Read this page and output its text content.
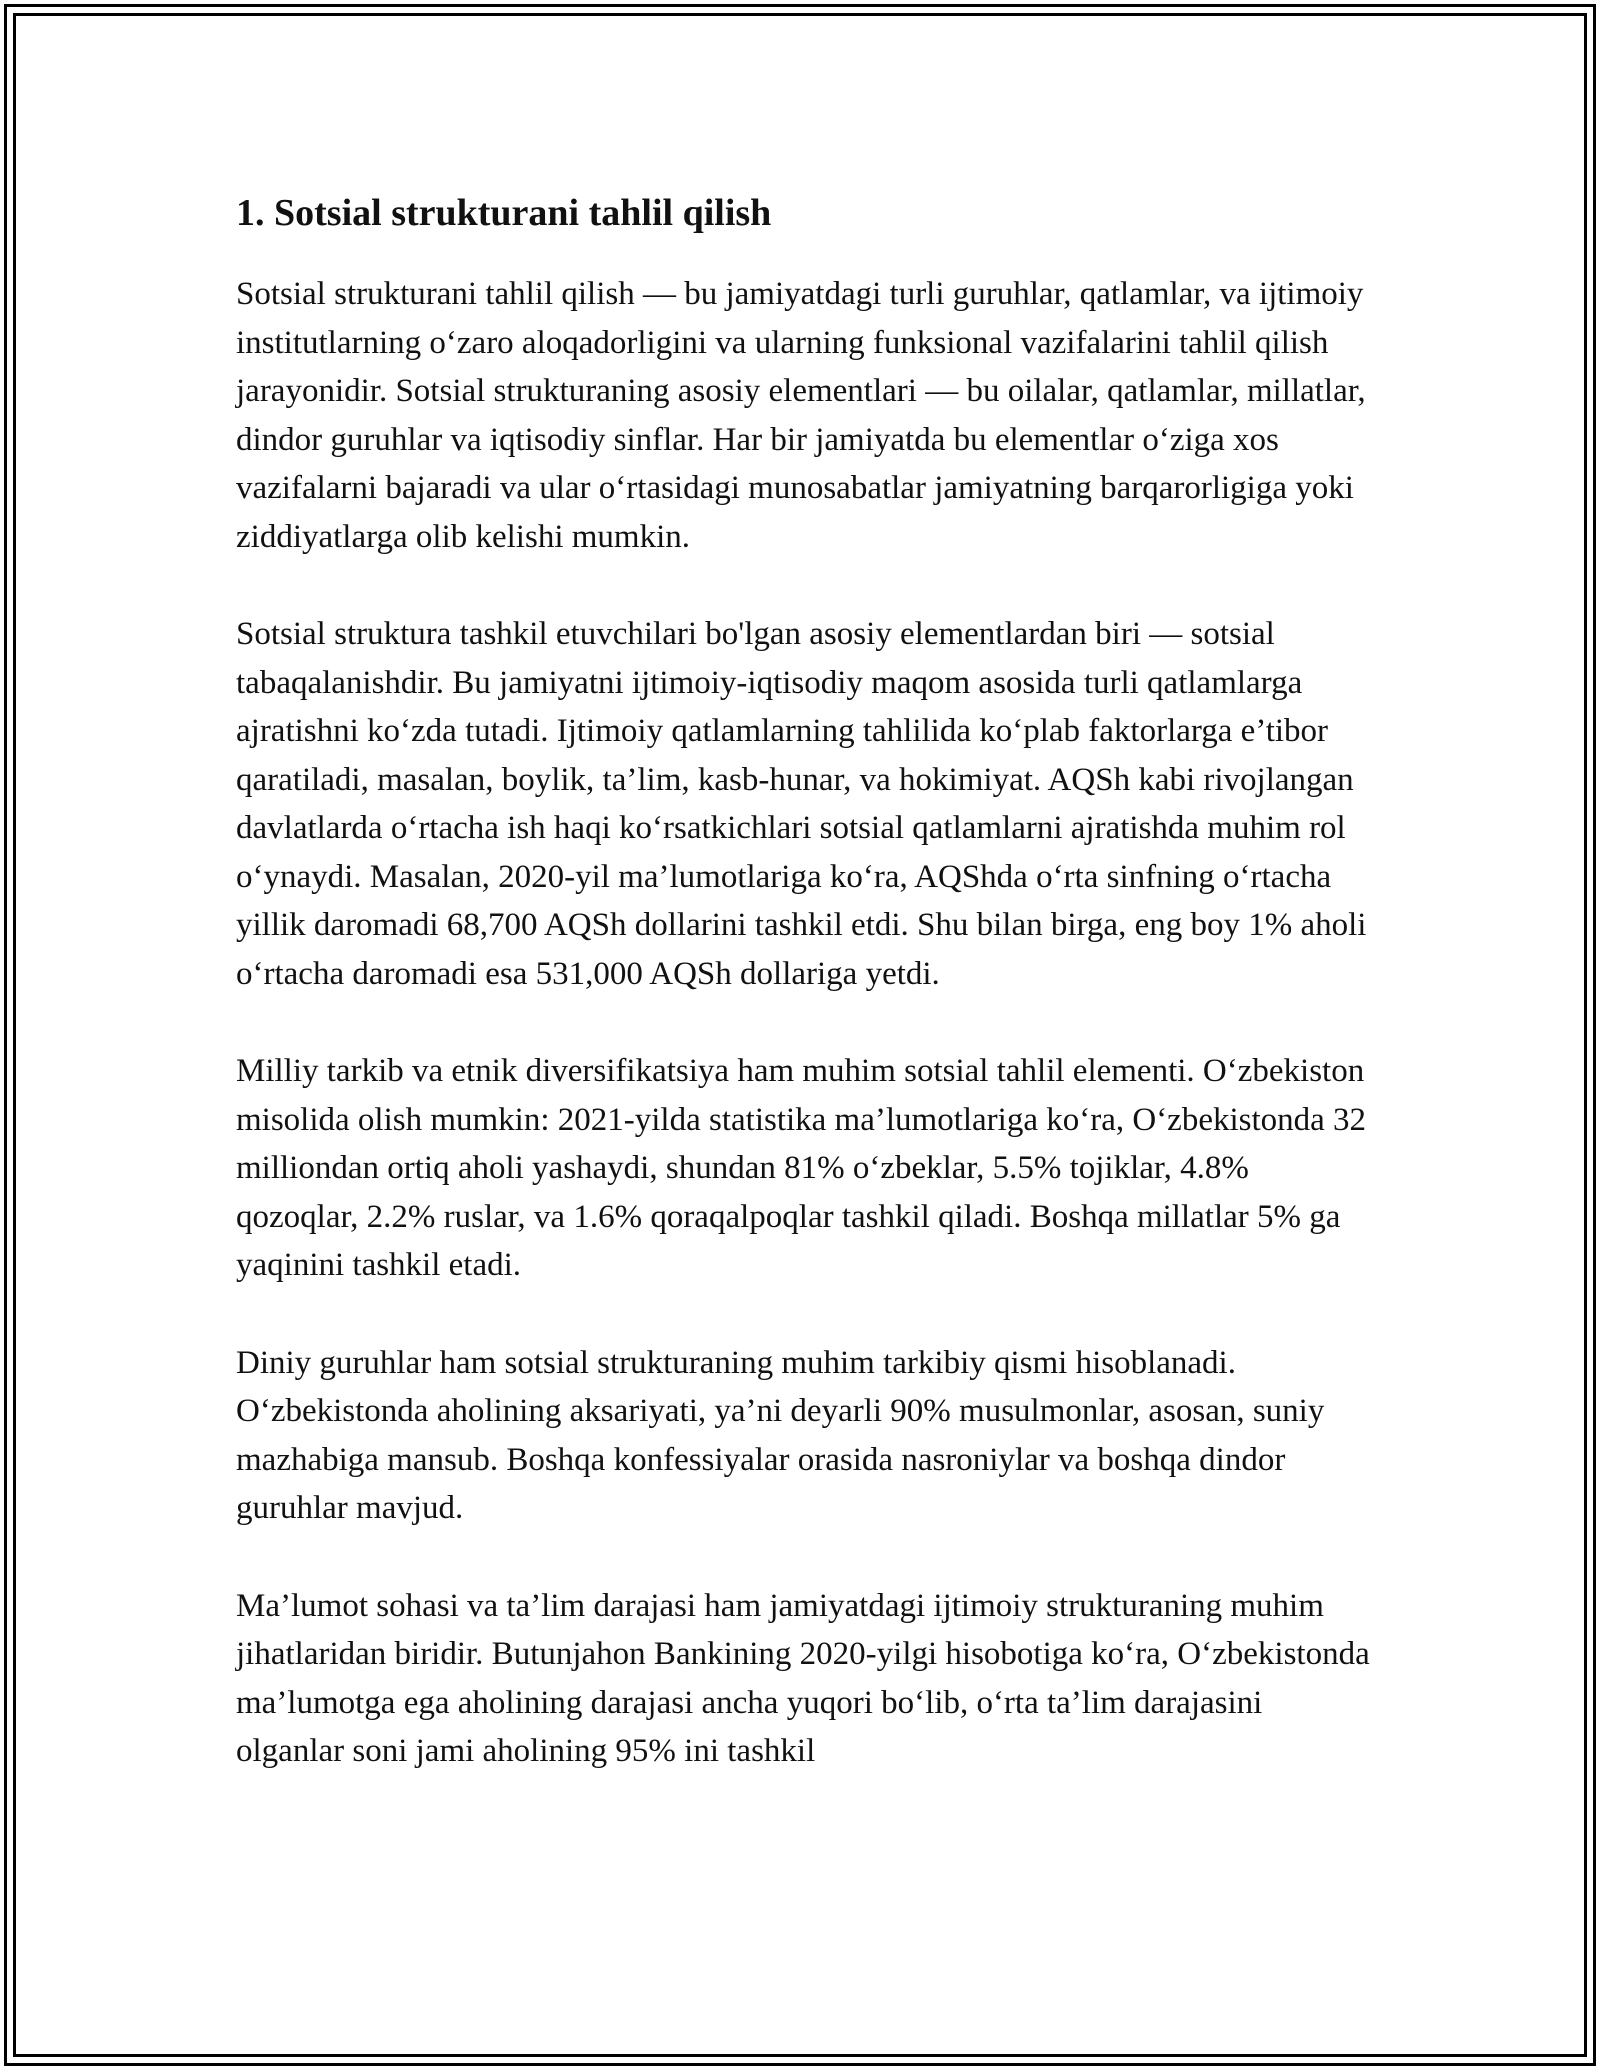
1. Sotsial strukturani tahlil qilish

Sotsial strukturani tahlil qilish — bu jamiyatdagi turli guruhlar, qatlamlar, va ijtimoiy institutlarning o‘zaro aloqadorligini va ularning funksional vazifalarini tahlil qilish jarayonidir. Sotsial strukturaning asosiy elementlari — bu oilalar, qatlamlar, millatlar, dindor guruhlar va iqtisodiy sinflar. Har bir jamiyatda bu elementlar o‘ziga xos vazifalarni bajaradi va ular o‘rtasidagi munosabatlar jamiyatning barqarorligiga yoki ziddiyatlarga olib kelishi mumkin.

Sotsial struktura tashkil etuvchilari bo'lgan asosiy elementlardan biri — sotsial tabaqalanishdir. Bu jamiyatni ijtimoiy-iqtisodiy maqom asosida turli qatlamlarga ajratishni ko‘zda tutadi. Ijtimoiy qatlamlarning tahlilida ko‘plab faktorlarga e’tibor qaratiladi, masalan, boylik, ta’lim, kasb-hunar, va hokimiyat. AQSh kabi rivojlangan davlatlarda o‘rtacha ish haqi ko‘rsatkichlari sotsial qatlamlarni ajratishda muhim rol o‘ynaydi. Masalan, 2020-yil ma’lumotlariga ko‘ra, AQShda o‘rta sinfning o‘rtacha yillik daromadi 68,700 AQSh dollarini tashkil etdi. Shu bilan birga, eng boy 1% aholi o‘rtacha daromadi esa 531,000 AQSh dollariga yetdi.

Milliy tarkib va etnik diversifikatsiya ham muhim sotsial tahlil elementi. O‘zbekiston misolida olish mumkin: 2021-yilda statistika ma’lumotlariga ko‘ra, O‘zbekistonda 32 milliondan ortiq aholi yashaydi, shundan 81% o‘zbeklar, 5.5% tojiklar, 4.8% qozoqlar, 2.2% ruslar, va 1.6% qoraqalpoqlar tashkil qiladi. Boshqa millatlar 5% ga yaqinini tashkil etadi.

Diniy guruhlar ham sotsial strukturaning muhim tarkibiy qismi hisoblanadi. O‘zbekistonda aholining aksariyati, ya’ni deyarli 90% musulmonlar, asosan, suniy mazhabiga mansub. Boshqa konfessiyalar orasida nasroniylar va boshqa dindor guruhlar mavjud.

Ma’lumot sohasi va ta’lim darajasi ham jamiyatdagi ijtimoiy strukturaning muhim jihatlaridan biridir. Butunjahon Bankining 2020-yilgi hisobotiga ko‘ra, O‘zbekistonda ma’lumotga ega aholining darajasi ancha yuqori bo‘lib, o‘rta ta’lim darajasini olganlar soni jami aholining 95% ini tashkil
